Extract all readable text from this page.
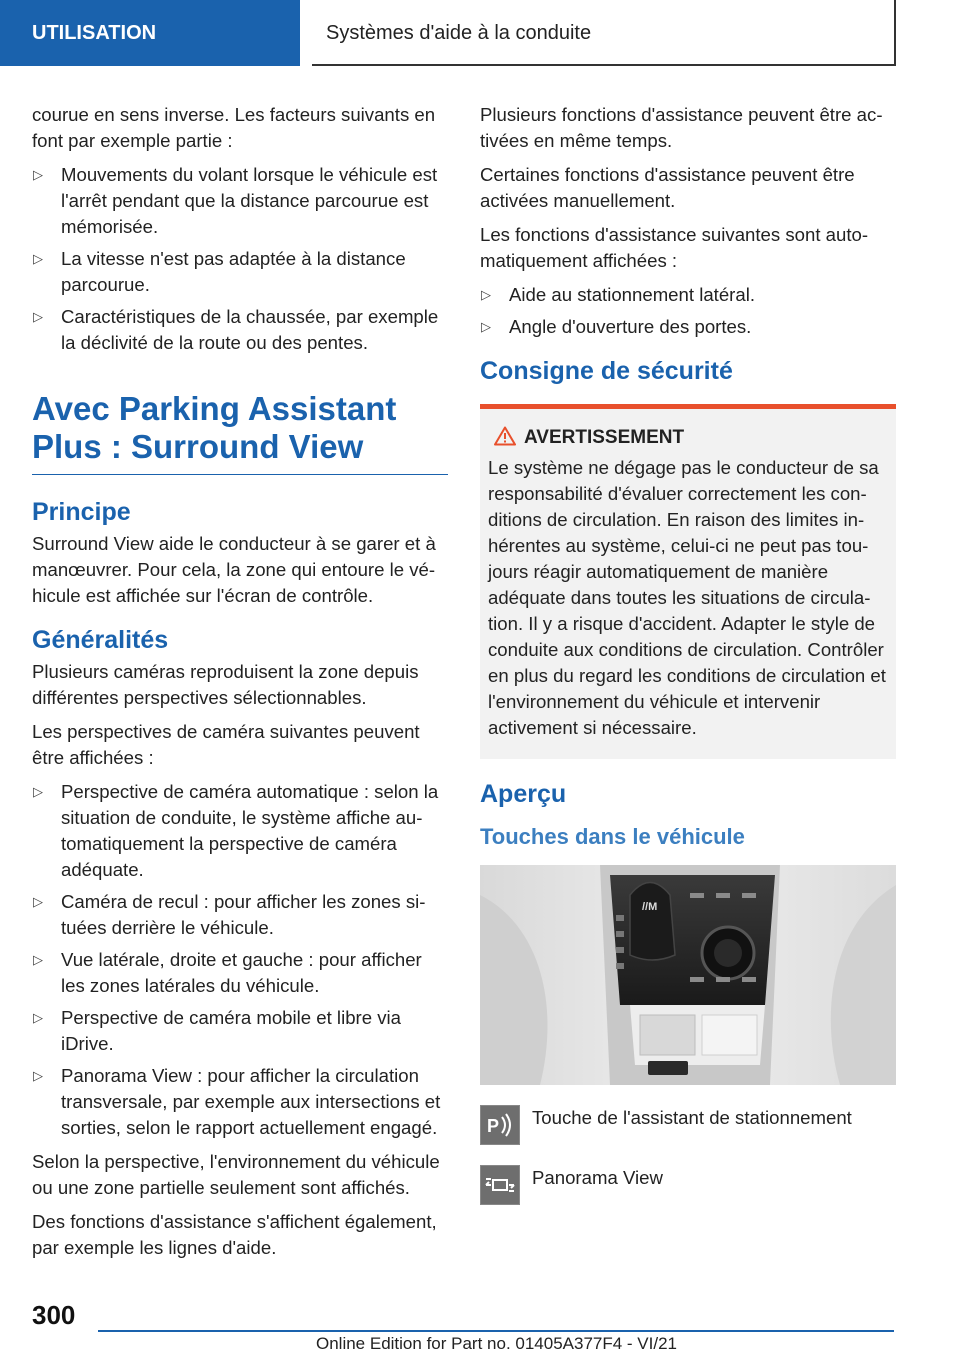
UTILISATION	Systèmes d'aide à la conduite

courue en sens inverse. Les facteurs suivants en font par exemple partie :

▷ Mouvements du volant lorsque le véhicule est l'arrêt pendant que la distance parcourue est mémorisée.
▷ La vitesse n'est pas adaptée à la distance parcourue.
▷ Caractéristiques de la chaussée, par exemple la déclivité de la route ou des pentes.
Avec Parking Assistant Plus : Surround View
Principe

Surround View aide le conducteur à se garer et à manœuvrer. Pour cela, la zone qui entoure le véhicule est affichée sur l'écran de contrôle.

Généralités

Plusieurs caméras reproduisent la zone depuis différentes perspectives sélectionnables.

Les perspectives de caméra suivantes peuvent être affichées :

▷ Perspective de caméra automatique : selon la situation de conduite, le système affiche automatiquement la perspective de caméra adéquate.
▷ Caméra de recul : pour afficher les zones situées derrière le véhicule.
▷ Vue latérale, droite et gauche : pour afficher les zones latérales du véhicule.
▷ Perspective de caméra mobile et libre via iDrive.
▷ Panorama View : pour afficher la circulation transversale, par exemple aux intersections et sorties, selon le rapport actuellement engagé.

Selon la perspective, l'environnement du véhicule ou une zone partielle seulement sont affichés.

Des fonctions d'assistance s'affichent également, par exemple les lignes d'aide.

Plusieurs fonctions d'assistance peuvent être activées en même temps.

Certaines fonctions d'assistance peuvent être activées manuellement.

Les fonctions d'assistance suivantes sont automatiquement affichées :

▷ Aide au stationnement latéral.
▷ Angle d'ouverture des portes.
Consigne de sécurité
AVERTISSEMENT
Le système ne dégage pas le conducteur de sa responsabilité d'évaluer correctement les conditions de circulation. En raison des limites inhérentes au système, celui-ci ne peut pas toujours réagir automatiquement de manière adéquate dans toutes les situations de circulation. Il y a risque d'accident. Adapter le style de conduite aux conditions de circulation. Contrôler en plus du regard les conditions de circulation et l'environnement du véhicule et intervenir activement si nécessaire.
Aperçu
Touches dans le véhicule
//M
P Touche de l'assistant de stationnement
Panorama View
300
Online Edition for Part no. 01405A377F4 - VI/21
